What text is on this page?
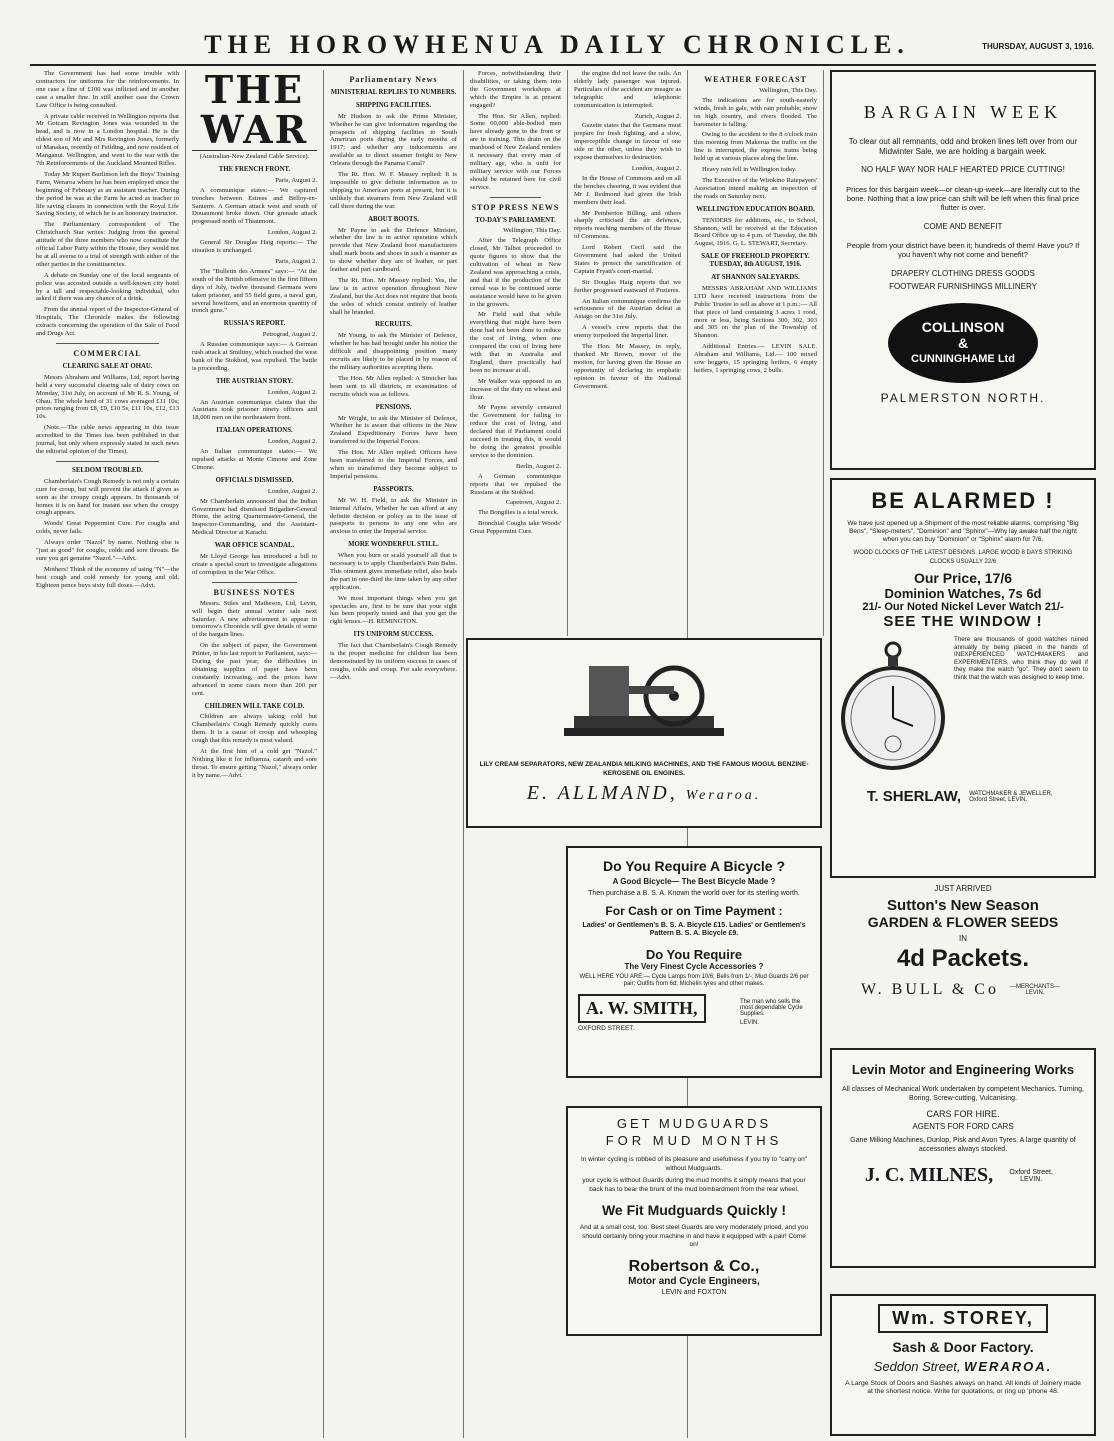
THE HOROWHENUA DAILY CHRONICLE.	THURSDAY, AUGUST 3, 1916.

The Government has had some trouble with contractors for uniforms for the reinforcements. In one case a fine of £100 was inflicted and in another case a smaller fine. In still another case the Crown Law Office is being consulted.

A private cable received in Wellington reports that Mr Gotcam Revington Jones was wounded in the head, and is now in a London hospital. He is the eldest son of Mr and Mrs Revington Jones, formerly of Manakau, recently of Feilding, and now resident of Manganui. Wellington, and went to the war with the 7th Reinforcements of the Auckland Mounted Rifles.

Today Mr Rupert Burlinson left the Boys' Training Farm, Weraroa where he has been employed since the beginning of February as an assistant teacher. During the period he was at the Farm he acted as teacher to life saving classes in connection with the Royal Life Saving Society, of which he is an honorary instructor.

The Parliamentary correspondent of The Christchurch Star writes: Judging from the general attitude of the three members who now constitute the official Labor Party within the House, they would not be at all averse to a trial of strength with either of the other parties in the constituencies.

A debate on Sunday one of the local sergeants of police was accosted outside a well-known city hotel by a tall and respectable-looking individual, who asked if there was any chance of a drink.

From the annual report of the Inspector-General of Hospitals, The Chronicle makes the following extracts concerning the operation of the Sale of Food and Drugs Act.

COMMERCIAL
CLEARING SALE AT OHAU.

Messrs Abraham and Williams, Ltd, report having held a very successful clearing sale of dairy cows on Monday, 31st July, on account of Mr R. S. Young, of Ohau. The whole herd of 31 cows averaged £11 10s; prices ranging from £8, £9, £10 5s, £11 10s, £12, £13 10s.

(Note.—The cable news appearing in this issue accredited to the Times has been published in that journal, but only where expressly stated in such news the editorial opinion of the Times).

SELDOM TROUBLED.

Chamberlain's Cough Remedy is not only a certain cure for croup, but will prevent the attack if given as soon as the croupy cough appears. In thousands of homes it is on hand for instant use when the croupy cough appears.

Woods' Great Peppermint Cure. For coughs and colds, never fails.

Always order "Nazol" by name. Nothing else is "just as good" for coughs, colds and sore throats. Be sure you get genuine "Nazol."—Advt.

Mothers! Think of the economy of using "N"—the best cough and cold remedy for young and old. Eighteen pence buys sixty full doses.—Advt.

THE WAR

(Australian-New Zealand Cable Service).

THE FRENCH FRONT.

Paris, August 2.

A communique states:— We captured trenches between Estrees and Belloy-en-Santerre. A German attack west and south of Douaumont broke down. Our grenade attack progressed north of Thiaumont.

London, August 2.

General Sir Douglas Haig reports:— The situation is unchanged.

Paris, August 2.

The "Bulletin des Armees" says:— "At the south of the British offensive in the first fifteen days of July, twelve thousand Germans were taken prisoner, and 55 field guns, a naval gun, several howitzers, and an enormous quantity of trench guns."

RUSSIA'S REPORT.

Petrograd, August 2.

A Russian communique says:— A German rush attack at Smiltiny, which reached the west bank of the Stokhod, was repulsed. The battle is proceeding.

THE AUSTRIAN STORY.

London, August 2.

An Austrian communique claims that the Austrians took prisoner ninety officers and 18,000 men on the northeastern front.

ITALIAN OPERATIONS.

London, August 2.

An Italian communique states:— We repulsed attacks at Monte Cimone and Zone Cimone.

OFFICIALS DISMISSED.

London, August 2.

Mr Chamberlain announced that the Indian Government had dismissed Brigadier-General Home, the acting Quartermaster-General, the Inspector-Commanding, and the Assistant-Medical Director at Karachi.

WAR OFFICE SCANDAL.

Mr Lloyd George has introduced a bill to create a special court to investigate allegations of corruption in the War Office.

BUSINESS NOTES

Messrs. Stiles and Matheson, Ltd, Levin, will begin their annual winter sale next Saturday. A new advertisement to appear in tomorrow's Chronicle will give details of some of the bargain lines.

On the subject of paper, the Government Printer, in his last report to Parliament, says:—During the past year, the difficulties in obtaining supplies of paper have been constantly increasing, and the prices have advanced in some cases more than 200 per cent.

CHILDREN WILL TAKE COLD.

Children are always taking cold but Chamberlain's Cough Remedy quickly cures them. It is a cause of croup and whooping cough that this remedy is most valued.

At the first hint of a cold get "Nazol." Nothing like it for influenza, catarrh and sore throat. To ensure getting "Nazol," always order it by name.—Advt.

Parliamentary News
MINISTERIAL REPLIES TO NUMBERS.
SHIPPING FACILITIES.

Mr Hudson to ask the Prime Minister, Whether he can give information regarding the prospects of shipping facilities to South American ports during the early months of 1917; and whether any inducements are available as to direct steamer freight to New Orleans through the Panama Canal?

The Rt. Hon. W. F. Massey replied: It is impossible to give definite information as to shipping to American ports at present, but it is unlikely that steamers from New Zealand will call there during the war.

ABOUT BOOTS.

Mr Payne to ask the Defence Minister, whether the law is in active operation which provide that New Zealand boot manufacturers shall mark boots and shoes in such a manner as to show whether they are of leather, or part leather and part cardboard.

The Rt. Hon. Mr Massey replied: Yes, the law is in active operation throughout New Zealand, but the Act does not require that boots the soles of which consist entirely of leather shall be branded.

RECRUITS.

Mr Young, to ask the Minister of Defence, whether he has had brought under his notice the difficult and disappointing position many recruits are likely to be placed in by reason of the military authorities accepting them.

The Hon. Mr Allen replied: A Stretcher has been sent to all districts, re examination of recruits which was as follows.

PENSIONS.

Mr Wright, to ask the Minister of Defence, Whether he is aware that officers in the New Zealand Expeditionary Forces have been transferred to the Imperial Forces.

The Hon. Mr Allen replied: Officers have been transferred to the Imperial Forces, and when so transferred they become subject to Imperial pensions.

PASSPORTS.

Mr W. H. Field, to ask the Minister in Internal Affairs, Whether he can afford at any definite decision or policy as to the issue of passports to persons to any one who are anxious to enter the Imperial service.

MORE WONDERFUL STILL.

When you burn or scald yourself all that is necessary is to apply Chamberlain's Pain Balm. This ointment gives immediate relief, also heals the part in one-third the time taken by any other application.

We most important things when you get spectacles are, first to be sure that your sight has been properly tested and that you get the right lenses.—H. REMINGTON.

ITS UNIFORM SUCCESS.

The fact that Chamberlain's Cough Remedy is the proper medicine for children has been demonstrated by its uniform success in cases of coughs, colds and croup. For sale everywhere.—Advt.

Forces, notwithstanding their disabilities, or taking them into the Government workshops at which the Empire is at present engaged?

The Hon. Sir Allen, replied: Some 60,000 able-bodied men have already gone to the front or are in training. This drain on the manhood of New Zealand renders it necessary that every man of military age, who is unfit for military service with our Forces should be retained here for civil service.

STOP PRESS NEWS
TO-DAY'S PARLIAMENT.

Wellington, This Day.

After the Telegraph Office closed, Mr Talbot proceeded to quote figures to show that the cultivation of wheat in New Zealand was approaching a crisis, and that if the production of the cereal was to be continued some assistance would have to be given to the growers.

Mr Field said that while everything that might have been done had not been done to reduce the cost of living, when one compared the cost of living here with that in Australia and England, there practically had been no increase at all.

Mr Walker was opposed to an increase of the duty on wheat and flour.

Mr Payne severely censured the Government for failing to reduce the cost of living, and declared that if Parliament could succeed in treating this, it would be doing the greatest possible service to the dominion.

Berlin, August 2.

A German communique reports that we repulsed the Russians at the Stokhod.

Capetown, August 2.

The Bongilies is a total wreck.

Bronchial Coughs take Woods' Great Peppermint Cure.

the engine did not leave the rails. An elderly lady passenger was injured. Particulars of the accident are meagre as telegraphic and telephonic communication is interrupted.

Zurich, August 2.

Gazette states that the Germans must prepare for fresh fighting, and a slow, imperceptible change in favour of one side or the other, unless they wish to expose themselves to destruction.

London, August 2.

In the House of Commons and on all the benches cheering, it was evident that Mr J. Redmond had given the Irish members their lead.

Mr Pemberton Billing, and others sharply criticised the air defences, reports reaching members of the House of Commons.

Lord Robert Cecil said the Government had asked the United States to protect the sanctification of Captain Fryatt's court-martial.

Sir Douglas Haig reports that we further progressed eastward of Pozieres.

An Italian communique confirms the seriousness of the Austrian defeat at Asiago on the 31st July.

A vessel's crew reports that the enemy torpedoed the Imperial liner.

The Hon. Mr Massey, in reply, thanked Mr Brown, mover of the motion, for having given the House an opportunity of declaring its emphatic opinion in favour of the National Government.

WEATHER FORECAST

Wellington, This Day.

The indications are for south-easterly winds, fresh to gale, with rain probable; snow on high country, and rivers flooded. The barometer is falling.

Owing to the accident to the 8 o'clock train this morning from Makerua the traffic on the line is interrupted, the express trains being held up at various places along the line.

Heavy rain fell in Wellington today.

The Executive of the Wirokino Ratepayers' Association intend making an inspection of the roads on Saturday next.

WELLINGTON EDUCATION BOARD.

TENDERS for additions, etc., to School, Shannon, will be received at the Education Board Office up to 4 p.m. of Tuesday, the 8th August, 1916. G. L. STEWART, Secretary.

SALE OF FREEHOLD PROPERTY. TUESDAY, 8th AUGUST, 1916.
AT SHANNON SALEYARDS.

MESSRS ABRAHAM AND WILLIAMS LTD have received instructions from the Public Trustee to sell as above at 1 p.m.:— All that piece of land containing 3 acres 1 rood, more or less, being Sections 300, 302, 303 and 305 on the plan of the Township of Shannon.

Additional Entries.— LEVIN SALE. Abraham and Williams, Ltd.— 100 mixed sow hoggets, 15 springing heifers, 6 empty heifers, 1 springing cows, 2 bulls.

LILY CREAM SEPARATORS, NEW ZEALANDIA MILKING MACHINES, AND THE FAMOUS MOGUL BENZINE-KEROSENE OIL ENGINES.
E. ALLMAND, Weraroa.
Do You Require A Bicycle ?
A Good Bicycle— The Best Bicycle Made ?
Then purchase a B. S. A. Known the world over for its sterling worth.
For Cash or on Time Payment :
Ladies' or Gentlemen's B. S. A. Bicycle £15. Ladies' or Gentlemen's Pattern B. S. A. Bicycle £9.
Do You Require
The Very Finest Cycle Accessories ?
WELL HERE YOU ARE:— Cycle Lamps from 10/6; Bells from 1/-; Mud Guards 2/6 per pair; Outfits from 6d; Michelin tyres and other makes.
A. W. SMITH,
OXFORD STREET.
The man who sells the most dependable Cycle Supplies.
LEVIN.
GET MUDGUARDS
FOR MUD MONTHS
In winter cycling is robbed of its pleasure and usefulness if you try to "carry on" without Mudguards.
your cycle is without Guards during the mud months it simply means that your back has to bear the brunt of the mud bombardment from the rear wheel.
We Fit Mudguards Quickly !
And at a small cost, too. Best steel Guards are very moderately priced, and you should certainly bring your machine in and have it equipped with a pair! Come on!
Robertson & Co.,
Motor and Cycle Engineers,
LEVIN and FOXTON
BARGAIN WEEK
To clear out all remnants, odd and broken lines left over from our Midwinter Sale, we are holding a bargain week.
NO HALF WAY NOR HALF HEARTED PRICE CUTTING!
Prices for this bargain week—or clean-up-week—are literally cut to the bone. Nothing that a low price can shift will be left when this final price flutter is over.
COME AND BENEFIT
People from your district have been it; hundreds of them! Have you? If you haven't why not come and benefit?
DRAPERY CLOTHING DRESS GOODS
FOOTWEAR FURNISHINGS MILLINERY
COLLINSON
&
CUNNINGHAME Ltd
PALMERSTON NORTH.
BE ALARMED !
We have just opened up a Shipment of the most reliable alarms, comprising "Big Bens", "Sleep-meters", "Dominion" and "Sphinx"—Why lay awake half the night when you can buy "Dominion" or "Sphinx" alarm for 7/6.
WOOD CLOCKS OF THE LATEST DESIGNS. LARGE WOOD 8 DAYS STRIKING CLOCKS USUALLY 22/6
Our Price, 17/6
Dominion Watches, 7s 6d
21/- Our Noted Nickel Lever Watch 21/-
SEE THE WINDOW !
There are thousands of good watches ruined annually by being placed in the hands of INEXPERIENCED WATCHMAKERS and EXPERIMENTERS, who think they do well if they make the watch "go". They don't seem to think that the watch was designed to keep time.
T. SHERLAW, WATCHMAKER & JEWELLER, Oxford Street, LEVIN.
JUST ARRIVED
Sutton's New Season
GARDEN & FLOWER SEEDS
IN
4d Packets.
W. BULL & Co	—MERCHANTS— LEVIN.
Levin Motor and Engineering Works
All classes of Mechanical Work undertaken by competent Mechanics. Turning, Boring, Screw-cutting, Vulcanising.
CARS FOR HIRE.
AGENTS FOR FORD CARS
Gane Milking Machines, Dunlop, Pisk and Avon Tyres. A large quantity of accessories always stocked.
J. C. MILNES,	Oxford Street, LEVIN.
Wm. STOREY,
Sash & Door Factory.
Seddon Street, WERAROA.
A Large Stock of Doors and Sashes always on hand. All kinds of Joinery made at the shortest notice. Write for quotations, or ring up 'phone 48.
